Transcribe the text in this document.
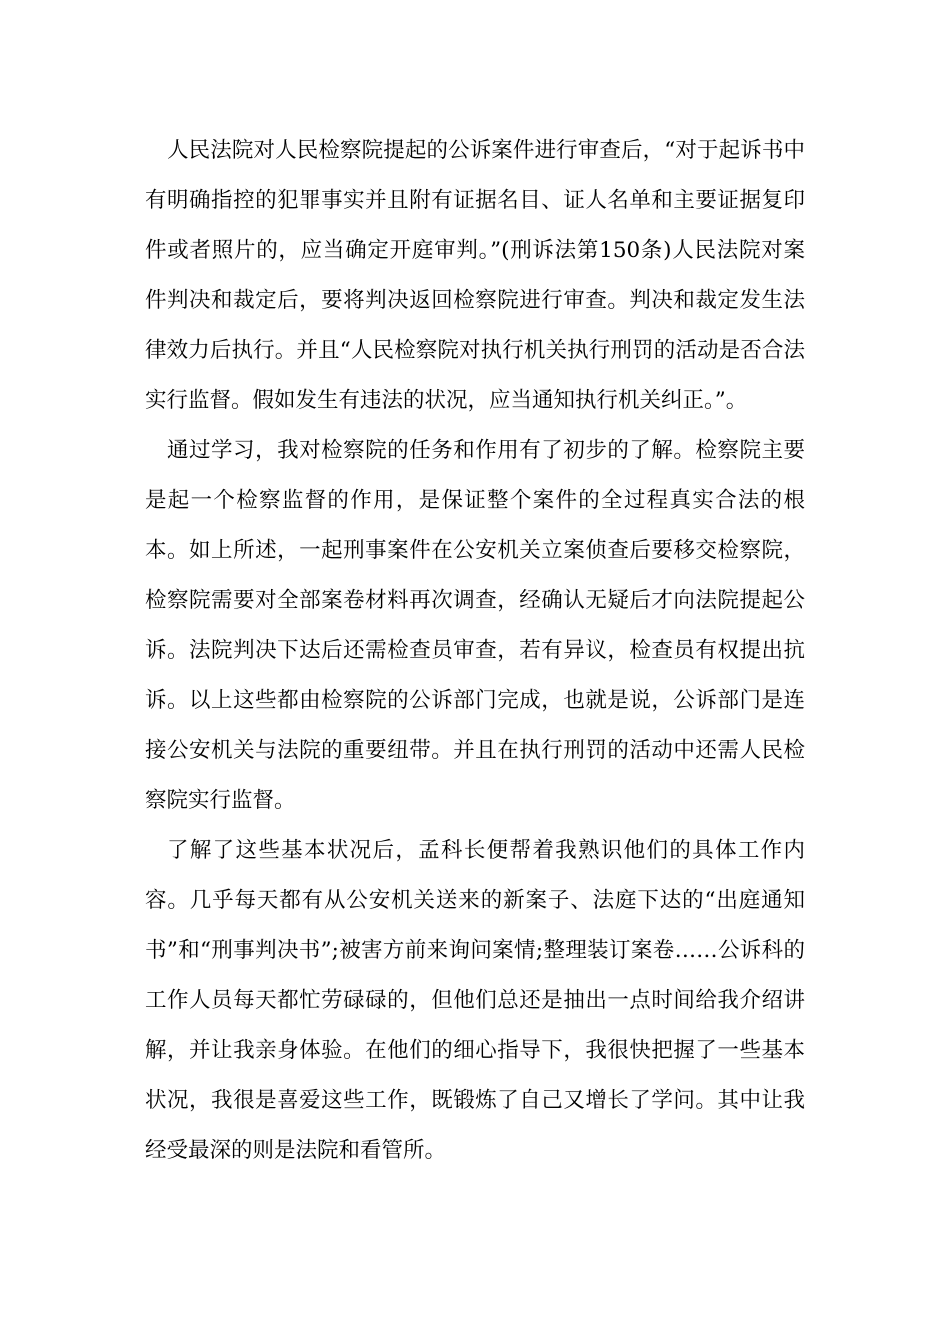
人民法院对人民检察院提起的公诉案件进行审查后，“对于起诉书中有明确指控的犯罪事实并且附有证据名目、证人名单和主要证据复印件或者照片的，应当确定开庭审判。”(刑诉法第150条)人民法院对案件判决和裁定后，要将判决返回检察院进行审查。判决和裁定发生法律效力后执行。并且“人民检察院对执行机关执行刑罚的活动是否合法实行监督。假如发生有违法的状况，应当通知执行机关纠正。”。

通过学习，我对检察院的任务和作用有了初步的了解。检察院主要是起一个检察监督的作用，是保证整个案件的全过程真实合法的根本。如上所述，一起刑事案件在公安机关立案侦查后要移交检察院，检察院需要对全部案卷材料再次调查，经确认无疑后才向法院提起公诉。法院判决下达后还需检查员审查，若有异议，检查员有权提出抗诉。以上这些都由检察院的公诉部门完成，也就是说，公诉部门是连接公安机关与法院的重要纽带。并且在执行刑罚的活动中还需人民检察院实行监督。

了解了这些基本状况后，孟科长便帮着我熟识他们的具体工作内容。几乎每天都有从公安机关送来的新案子、法庭下达的“出庭通知书”和“刑事判决书”;被害方前来询问案情;整理装订案卷……公诉科的工作人员每天都忙劳碌碌的，但他们总还是抽出一点时间给我介绍讲解，并让我亲身体验。在他们的细心指导下，我很快把握了一些基本状况，我很是喜爱这些工作，既锻炼了自己又增长了学问。其中让我经受最深的则是法院和看管所。
